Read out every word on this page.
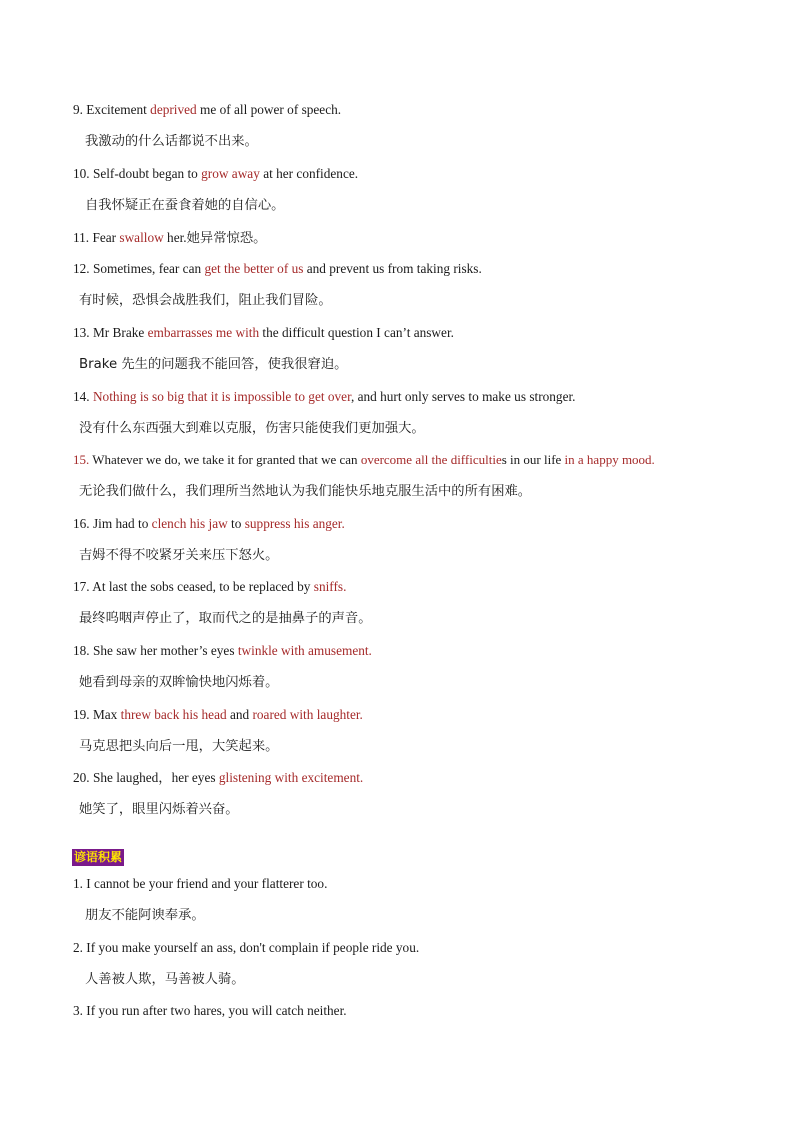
9. Excitement deprived me of all power of speech.
我激动的什么话都说不出来。
10. Self-doubt began to grow away at her confidence.
自我怀疑正在蚕食着她的自信心。
11. Fear swallow her.她异常惊恐。
12. Sometimes, fear can get the better of us and prevent us from taking risks.
有时候，恐惧会战胜我们，阻止我们冒险。
13. Mr Brake embarrasses me with the difficult question I can’t answer.
Brake 先生的问题我不能回答，使我很窘迫。
14. Nothing is so big that it is impossible to get over, and hurt only serves to make us stronger.
没有什么东西强大到难以克服，伤害只能使我们更加强大。
15. Whatever we do, we take it for granted that we can overcome all the difficulties in our life in a happy mood.
无论我们做什么，我们理所当然地认为我们能快乐地克服生活中的所有困难。
16. Jim had to clench his jaw to suppress his anger.
吉姆不得不咬紧牙关来压下怒火。
17. At last the sobs ceased, to be replaced by sniffs.
最终呜咽声停止了，取而代之的是抽鼻子的声音。
18. She saw her mother’s eyes twinkle with amusement.
她看到母亲的双眸愉快地闪烁着。
19. Max threw back his head and roared with laughter.
马克思把头向后一甩，大笑起来。
20. She laughed，her eyes glistening with excitement.
她笑了，眼里闪烁着兴奋。
谚语积累
1. I cannot be your friend and your flatterer too.
朋友不能阿谀奉承。
2. If you make yourself an ass, don't complain if people ride you.
人善被人欺，马善被人骑。
3. If you run after two hares, you will catch neither.
